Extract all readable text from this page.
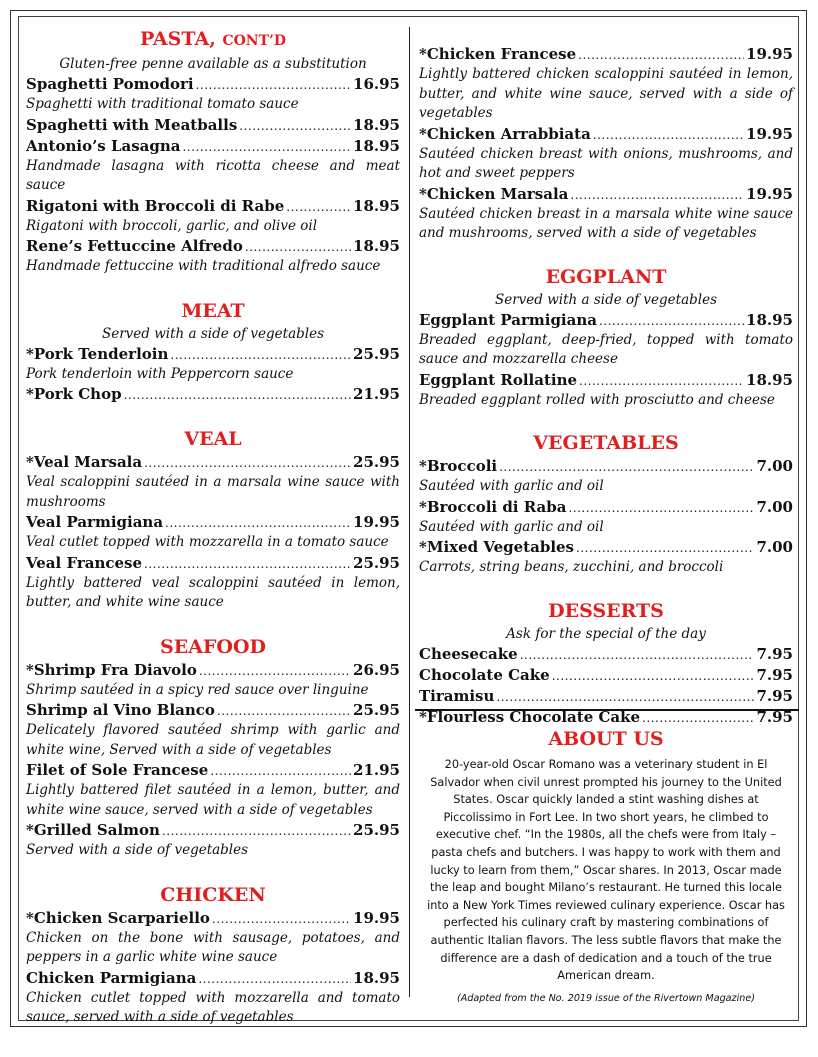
PASTA, CONT’D
Gluten-free penne available as a substitution
Spaghetti Pomodori .....	16.95
Spaghetti with traditional tomato sauce
Spaghetti with Meatballs .....	18.95
Antonio’s Lasagna .....	18.95
Handmade lasagna with ricotta cheese and meat sauce
Rigatoni with Broccoli di Rabe .....	18.95
Rigatoni with broccoli, garlic, and olive oil
Rene’s Fettuccine Alfredo .....	18.95
Handmade fettuccine with traditional alfredo sauce
MEAT
Served with a side of vegetables
*Pork Tenderloin .....	25.95
Pork tenderloin with Peppercorn sauce
*Pork Chop .....	21.95
VEAL
*Veal Marsala .....	25.95
Veal scaloppini sautéed in a marsala wine sauce with mushrooms
Veal Parmigiana .....	19.95
Veal cutlet topped with mozzarella in a tomato sauce
Veal Francese .....	25.95
Lightly battered veal scaloppini sautéed in lemon, butter, and white wine sauce
SEAFOOD
*Shrimp Fra Diavolo .....	26.95
Shrimp sautéed in a spicy red sauce over linguine
Shrimp al Vino Blanco .....	25.95
Delicately flavored sautéed shrimp with garlic and white wine, Served with a side of vegetables
Filet of Sole Francese .....	21.95
Lightly battered filet sautéed in a lemon, butter, and white wine sauce, served with a side of vegetables
*Grilled Salmon .....	25.95
Served with a side of vegetables
CHICKEN
*Chicken Scarpariello .....	19.95
Chicken on the bone with sausage, potatoes, and peppers in a garlic white wine sauce
Chicken Parmigiana .....	18.95
Chicken cutlet topped with mozzarella and tomato sauce, served with a side of vegetables
*Chicken Francese .....	19.95
Lightly battered chicken scaloppini sautéed in lemon, butter, and white wine sauce, served with a side of vegetables
*Chicken Arrabbiata .....	19.95
Sautéed chicken breast with onions, mushrooms, and hot and sweet peppers
*Chicken Marsala .....	19.95
Sautéed chicken breast in a marsala white wine sauce and mushrooms, served with a side of vegetables
EGGPLANT
Served with a side of vegetables
Eggplant Parmigiana .....	18.95
Breaded eggplant, deep-fried, topped with tomato sauce and mozzarella cheese
Eggplant Rollatine .....	18.95
Breaded eggplant rolled with prosciutto and cheese
VEGETABLES
*Broccoli .....	7.00
Sautéed with garlic and oil
*Broccoli di Raba .....	7.00
Sautéed with garlic and oil
*Mixed Vegetables .....	7.00
Carrots, string beans, zucchini, and broccoli
DESSERTS
Ask for the special of the day
Cheesecake .....	7.95
Chocolate Cake .....	7.95
Tiramisu .....	7.95
*Flourless Chocolate Cake .....	7.95
ABOUT US
20-year-old Oscar Romano was a veterinary student in El Salvador when civil unrest prompted his journey to the United States. Oscar quickly landed a stint washing dishes at Piccolissimo in Fort Lee. In two short years, he climbed to executive chef. “In the 1980s, all the chefs were from Italy – pasta chefs and butchers. I was happy to work with them and lucky to learn from them,” Oscar shares. In 2013, Oscar made the leap and bought Milano’s restaurant. He turned this locale into a New York Times reviewed culinary experience. Oscar has perfected his culinary craft by mastering combinations of authentic Italian flavors. The less subtle flavors that make the difference are a dash of dedication and a touch of the true American dream.
(Adapted from the No. 2019 issue of the Rivertown Magazine)
